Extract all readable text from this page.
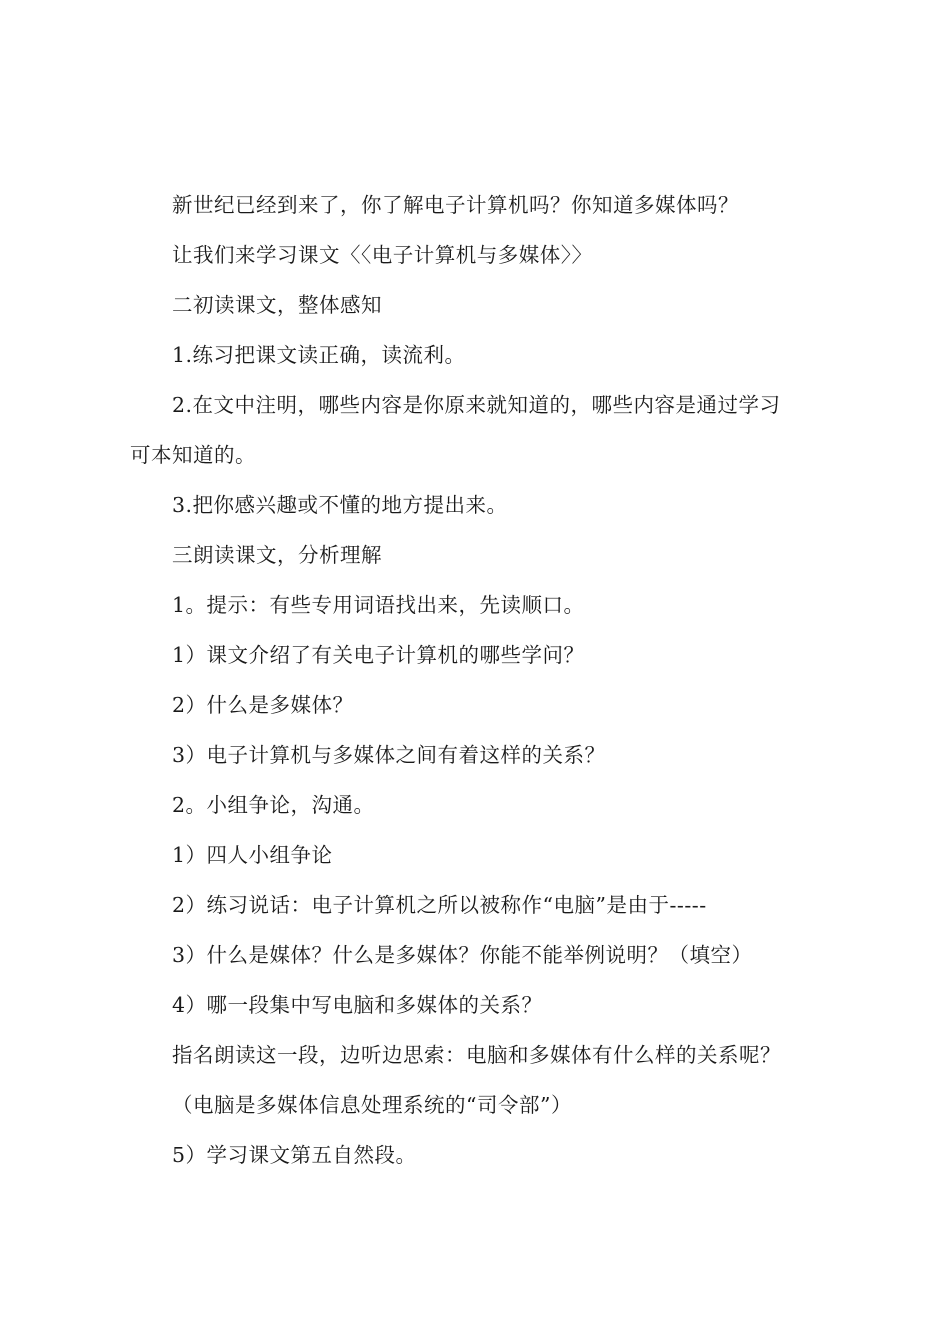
新世纪已经到来了，你了解电子计算机吗？你知道多媒体吗？
让我们来学习课文〈〈电子计算机与多媒体〉〉
二初读课文，整体感知
1.练习把课文读正确，读流利。
2.在文中注明，哪些内容是你原来就知道的，哪些内容是通过学习
可本知道的。
3.把你感兴趣或不懂的地方提出来。
三朗读课文，分析理解
1。提示：有些专用词语找出来，先读顺口。
1）课文介绍了有关电子计算机的哪些学问？
2）什么是多媒体？
3）电子计算机与多媒体之间有着这样的关系？
2。小组争论，沟通。
1）四人小组争论
2）练习说话：电子计算机之所以被称作“电脑”是由于-----
3）什么是媒体？什么是多媒体？你能不能举例说明？（填空）
4）哪一段集中写电脑和多媒体的关系？
指名朗读这一段，边听边思索：电脑和多媒体有什么样的关系呢？
（电脑是多媒体信息处理系统的“司令部”）
5）学习课文第五自然段。
